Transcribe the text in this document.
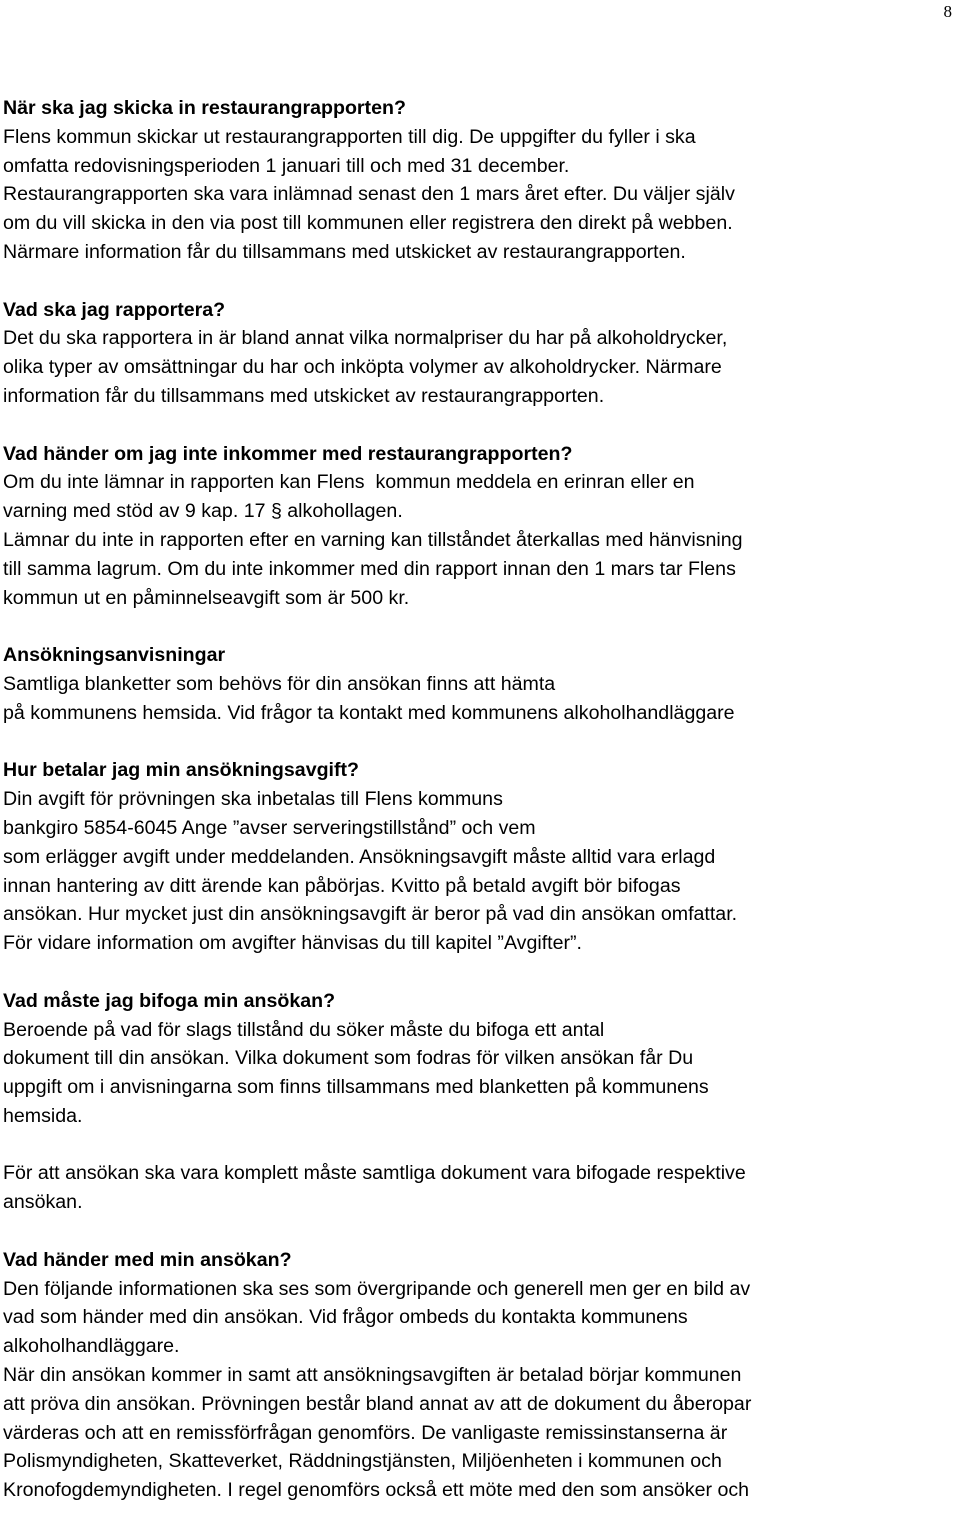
8
När ska jag skicka in restaurangrapporten?
Flens kommun skickar ut restaurangrapporten till dig. De uppgifter du fyller i ska
omfatta redovisningsperioden 1 januari till och med 31 december.
Restaurangrapporten ska vara inlämnad senast den 1 mars året efter. Du väljer själv
om du vill skicka in den via post till kommunen eller registrera den direkt på webben.
Närmare information får du tillsammans med utskicket av restaurangrapporten.
Vad ska jag rapportera?
Det du ska rapportera in är bland annat vilka normalpriser du har på alkoholdrycker,
olika typer av omsättningar du har och inköpta volymer av alkoholdrycker. Närmare
information får du tillsammans med utskicket av restaurangrapporten.
Vad händer om jag inte inkommer med restaurangrapporten?
Om du inte lämnar in rapporten kan Flens  kommun meddela en erinran eller en
varning med stöd av 9 kap. 17 § alkohollagen.
Lämnar du inte in rapporten efter en varning kan tillståndet återkallas med hänvisning
till samma lagrum. Om du inte inkommer med din rapport innan den 1 mars tar Flens
kommun ut en påminnelseavgift som är 500 kr.
Ansökningsanvisningar
Samtliga blanketter som behövs för din ansökan finns att hämta
på kommunens hemsida. Vid frågor ta kontakt med kommunens alkoholhandläggare
Hur betalar jag min ansökningsavgift?
Din avgift för prövningen ska inbetalas till Flens kommuns
bankgiro 5854-6045 Ange ”avser serveringstillstånd” och vem
som erlägger avgift under meddelanden. Ansökningsavgift måste alltid vara erlagd
innan hantering av ditt ärende kan påbörjas. Kvitto på betald avgift bör bifogas
ansökan. Hur mycket just din ansökningsavgift är beror på vad din ansökan omfattar.
För vidare information om avgifter hänvisas du till kapitel ”Avgifter”.
Vad måste jag bifoga min ansökan?
Beroende på vad för slags tillstånd du söker måste du bifoga ett antal
dokument till din ansökan. Vilka dokument som fodras för vilken ansökan får Du
uppgift om i anvisningarna som finns tillsammans med blanketten på kommunens
hemsida.
För att ansökan ska vara komplett måste samtliga dokument vara bifogade respektive
ansökan.
Vad händer med min ansökan?
Den följande informationen ska ses som övergripande och generell men ger en bild av
vad som händer med din ansökan. Vid frågor ombeds du kontakta kommunens
alkoholhandläggare.
När din ansökan kommer in samt att ansökningsavgiften är betalad börjar kommunen
att pröva din ansökan. Prövningen består bland annat av att de dokument du åberopar
värderas och att en remissförfrågan genomförs. De vanligaste remissinstanserna är
Polismyndigheten, Skatteverket, Räddningstjänsten, Miljöenheten i kommunen och
Kronofogdemyndigheten. I regel genomförs också ett möte med den som ansöker och
